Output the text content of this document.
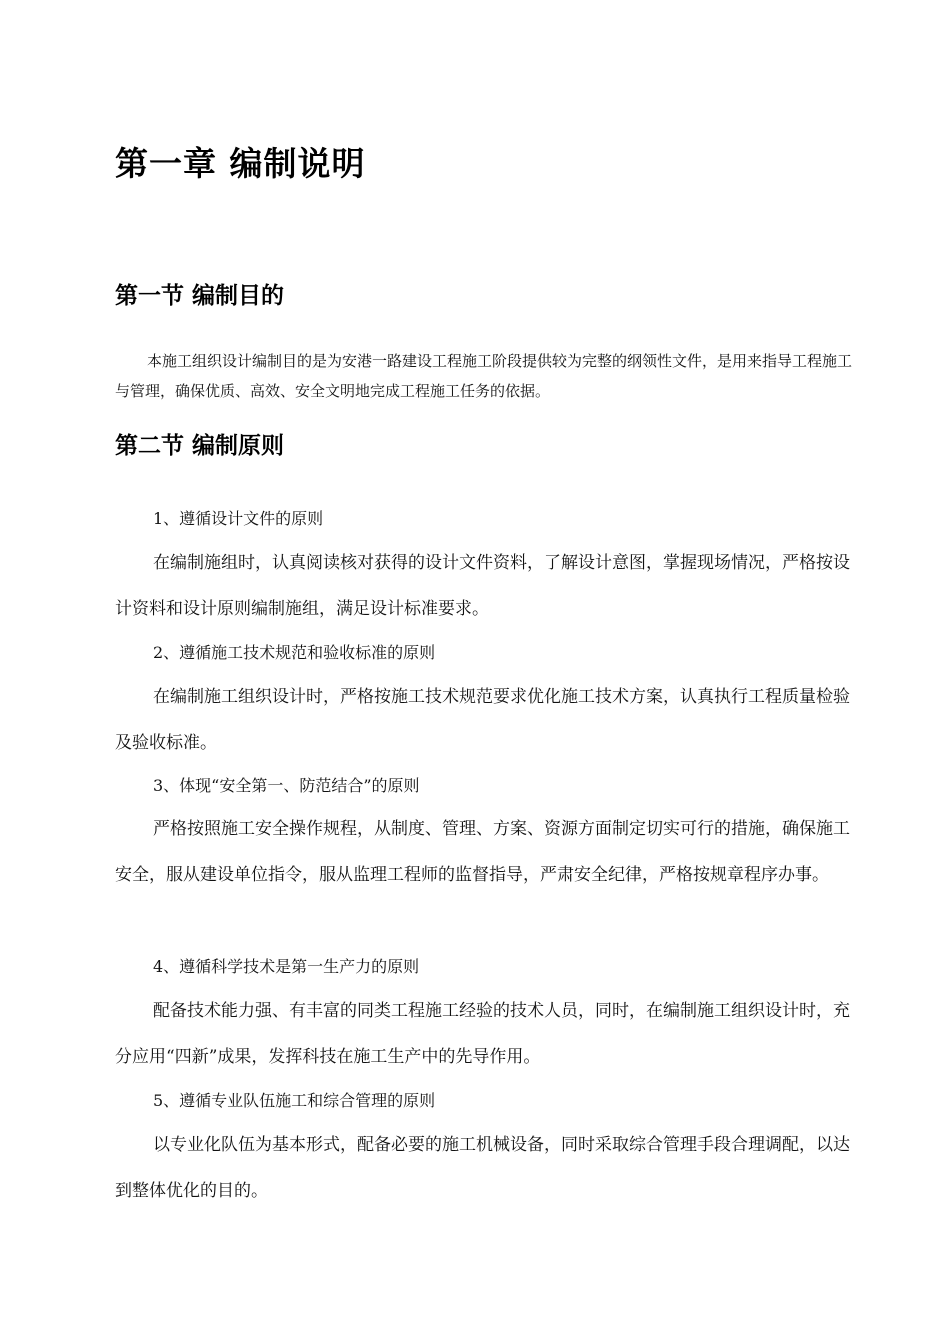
第一章 编制说明
第一节 编制目的

本施工组织设计编制目的是为安港一路建设工程施工阶段提供较为完整的纲领性文件，是用来指导工程施工与管理，确保优质、高效、安全文明地完成工程施工任务的依据。

第二节 编制原则

1、遵循设计文件的原则

在编制施组时，认真阅读核对获得的设计文件资料，了解设计意图，掌握现场情况，严格按设计资料和设计原则编制施组，满足设计标准要求。

2、遵循施工技术规范和验收标准的原则

在编制施工组织设计时，严格按施工技术规范要求优化施工技术方案，认真执行工程质量检验及验收标准。

3、体现“安全第一、防范结合”的原则

严格按照施工安全操作规程，从制度、管理、方案、资源方面制定切实可行的措施，确保施工安全，服从建设单位指令，服从监理工程师的监督指导，严肃安全纪律，严格按规章程序办事。

4、遵循科学技术是第一生产力的原则

配备技术能力强、有丰富的同类工程施工经验的技术人员，同时，在编制施工组织设计时，充分应用“四新”成果，发挥科技在施工生产中的先导作用。

5、遵循专业队伍施工和综合管理的原则

以专业化队伍为基本形式，配备必要的施工机械设备，同时采取综合管理手段合理调配，以达到整体优化的目的。
